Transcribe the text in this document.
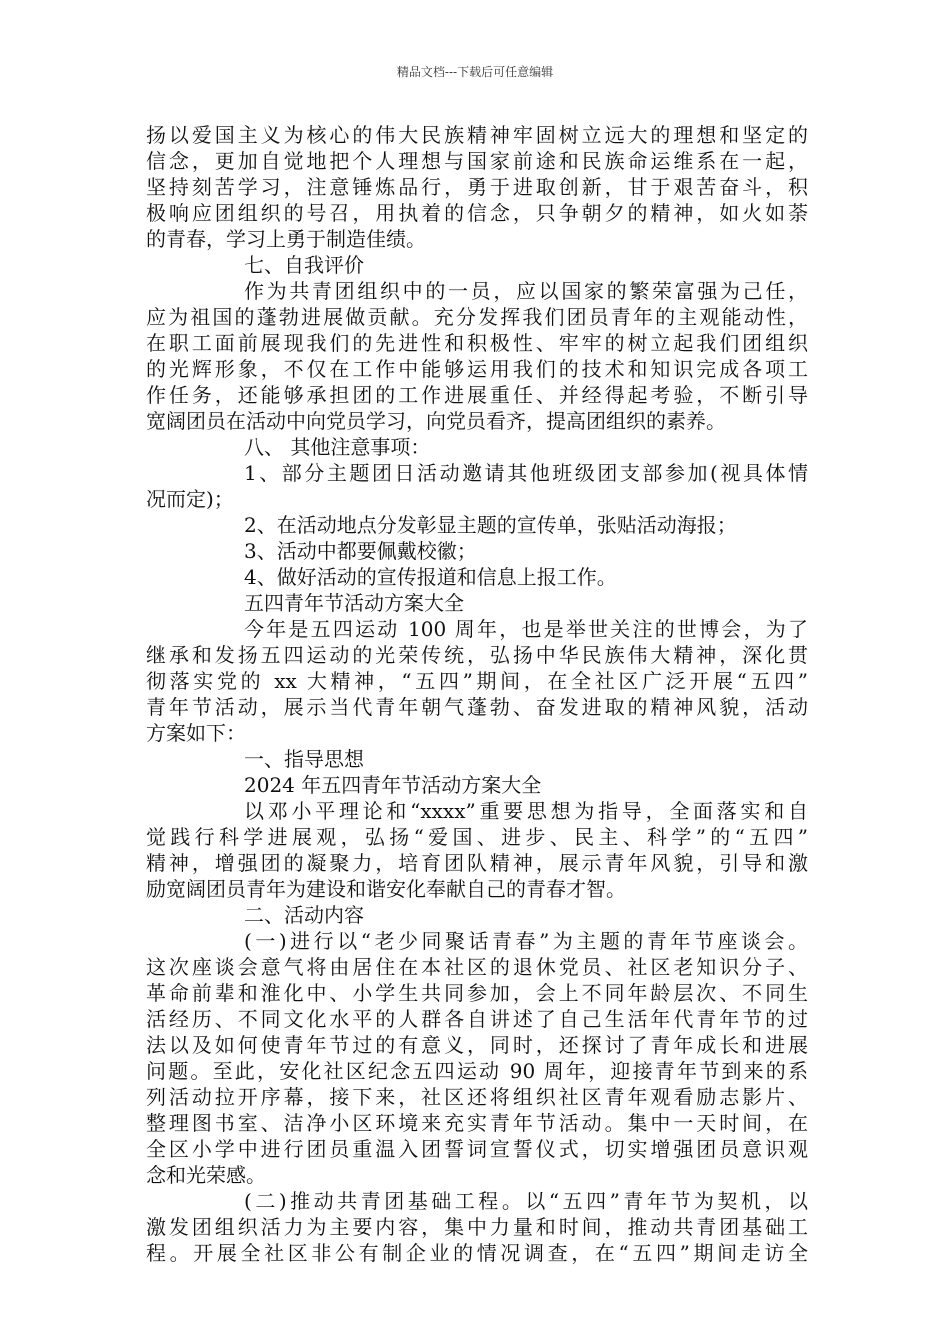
精品文档---下载后可任意编辑
扬以爱国主义为核心的伟大民族精神牢固树立远大的理想和坚定的
信念，更加自觉地把个人理想与国家前途和民族命运维系在一起，
坚持刻苦学习，注意锤炼品行，勇于进取创新，甘于艰苦奋斗，积
极响应团组织的号召，用执着的信念，只争朝夕的精神，如火如荼
的青春，学习上勇于制造佳绩。
七、自我评价
作为共青团组织中的一员，应以国家的繁荣富强为己任，
应为祖国的蓬勃进展做贡献。充分发挥我们团员青年的主观能动性，
在职工面前展现我们的先进性和积极性、牢牢的树立起我们团组织
的光辉形象，不仅在工作中能够运用我们的技术和知识完成各项工
作任务，还能够承担团的工作进展重任、并经得起考验，不断引导
宽阔团员在活动中向党员学习，向党员看齐，提高团组织的素养。
八、 其他注意事项：
1、部分主题团日活动邀请其他班级团支部参加(视具体情
况而定)；
2、在活动地点分发彰显主题的宣传单，张贴活动海报；
3、活动中都要佩戴校徽；
4、做好活动的宣传报道和信息上报工作。
五四青年节活动方案大全
今年是五四运动 100 周年，也是举世关注的世博会，为了
继承和发扬五四运动的光荣传统，弘扬中华民族伟大精神，深化贯
彻落实党的 xx 大精神，“五四”期间，在全社区广泛开展“五四”
青年节活动，展示当代青年朝气蓬勃、奋发进取的精神风貌，活动
方案如下：
一、指导思想
2024 年五四青年节活动方案大全
以邓小平理论和“xxxx”重要思想为指导，全面落实和自
觉践行科学进展观，弘扬“爱国、进步、民主、科学”的“五四”
精神，增强团的凝聚力，培育团队精神，展示青年风貌，引导和激
励宽阔团员青年为建设和谐安化奉献自己的青春才智。
二、活动内容
(一)进行以“老少同聚话青春”为主题的青年节座谈会。
这次座谈会意气将由居住在本社区的退休党员、社区老知识分子、
革命前辈和淮化中、小学生共同参加，会上不同年龄层次、不同生
活经历、不同文化水平的人群各自讲述了自己生活年代青年节的过
法以及如何使青年节过的有意义，同时，还探讨了青年成长和进展
问题。至此，安化社区纪念五四运动 90 周年，迎接青年节到来的系
列活动拉开序幕，接下来，社区还将组织社区青年观看励志影片、
整理图书室、洁净小区环境来充实青年节活动。集中一天时间，在
全区小学中进行团员重温入团誓词宣誓仪式，切实增强团员意识观
念和光荣感。
(二)推动共青团基础工程。以“五四”青年节为契机，以
激发团组织活力为主要内容，集中力量和时间，推动共青团基础工
程。开展全社区非公有制企业的情况调查，在“五四”期间走访全
